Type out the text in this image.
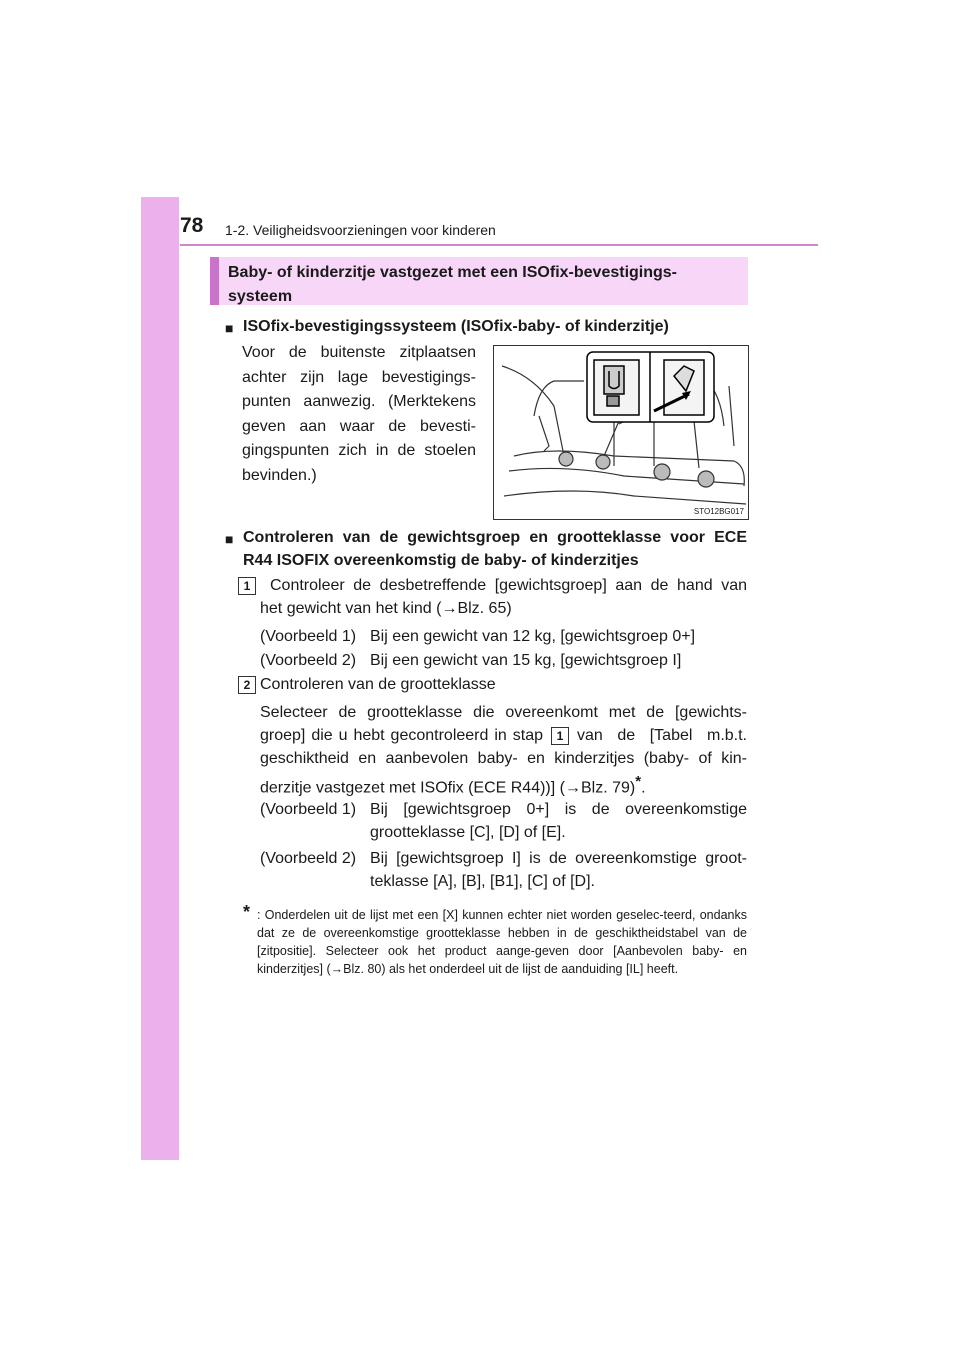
78 1-2. Veiligheidsvoorzieningen voor kinderen
Baby- of kinderzitje vastgezet met een ISOfix-bevestigings-
systeem
■ ISOfix-bevestigingssysteem (ISOfix-baby- of kinderzitje)
Voor de buitenste zitplaatsen
achter zijn lage bevestigings-
punten aanwezig. (Merktekens
geven aan waar de bevesti-
gingspunten zich in de stoelen
bevinden.)
STO12BG017
■ Controleren van de gewichtsgroep en grootteklasse voor ECE
R44 ISOFIX overeenkomstig de baby- of kinderzitjes
1	Controleer de desbetreffende [gewichtsgroep] aan de hand van
het gewicht van het kind (→Blz. 65)
(Voorbeeld 1) Bij een gewicht van 12 kg, [gewichtsgroep 0+]
(Voorbeeld 2) Bij een gewicht van 15 kg, [gewichtsgroep I]
2 Controleren van de grootteklasse
Selecteer de grootteklasse die overeenkomt met de [gewichts-
groep] die u hebt gecontroleerd in stap	1 van de [Tabel m.b.t.
geschiktheid en aanbevolen baby- en kinderzitjes (baby- of kin-
derzitje vastgezet met ISOfix (ECE R44))] (→Blz. 79)*.
(Voorbeeld 1) Bij [gewichtsgroep 0+] is de overeenkomstige
grootteklasse [C], [D] of [E].
(Voorbeeld 2) Bij [gewichtsgroep I] is de overeenkomstige groot-
teklasse [A], [B], [B1], [C] of [D].
* : Onderdelen uit de lijst met een [X] kunnen echter niet worden geselec-teerd, ondanks dat ze de overeenkomstige grootteklasse hebben in de geschiktheidstabel van de [zitpositie]. Selecteer ook het product aange-geven door [Aanbevolen baby- en kinderzitjes] (→Blz. 80) als het onderdeel uit de lijst de aanduiding [IL] heeft.
